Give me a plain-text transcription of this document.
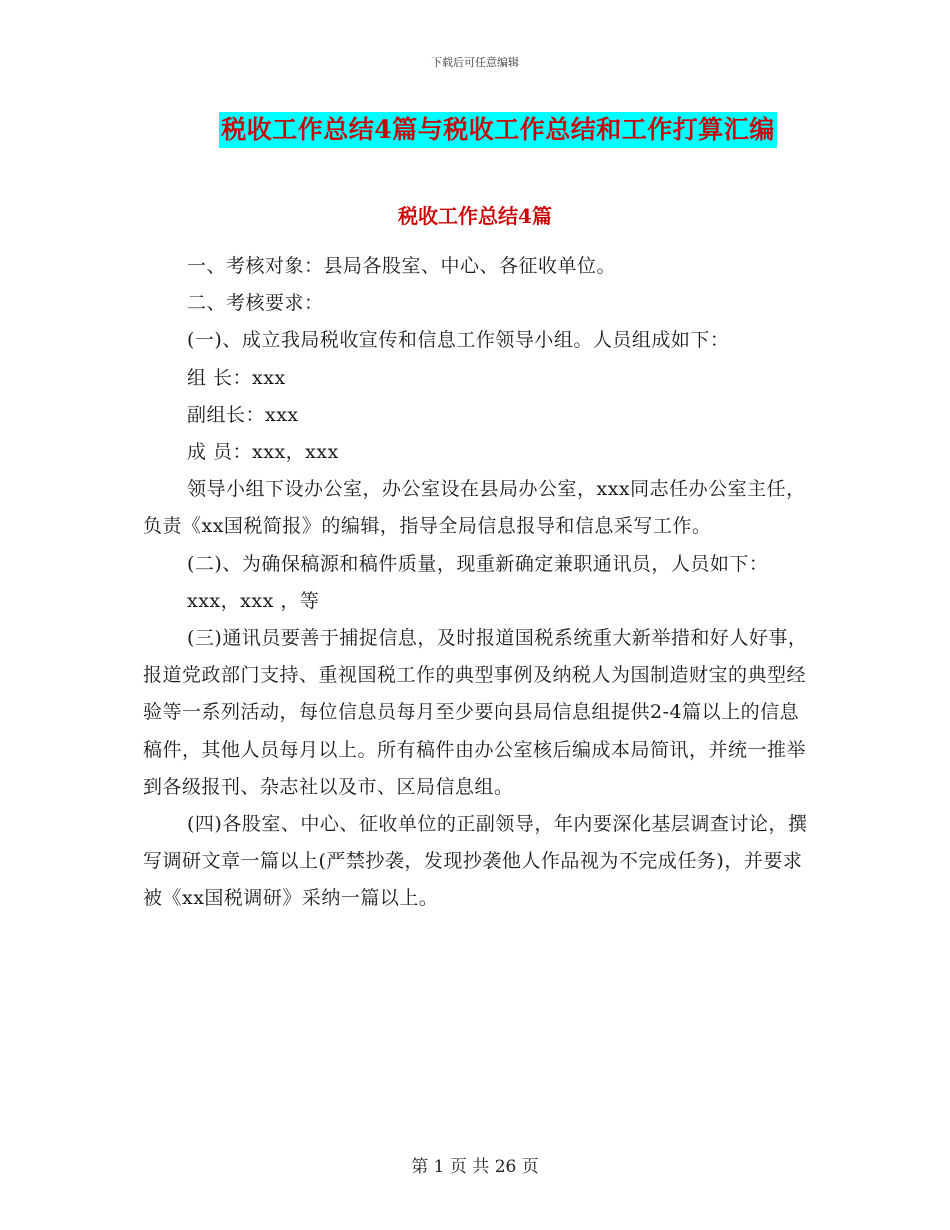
下载后可任意编辑
税收工作总结4篇与税收工作总结和工作打算汇编
税收工作总结4篇

一、考核对象：县局各股室、中心、各征收单位。

二、考核要求：

(一)、成立我局税收宣传和信息工作领导小组。人员组成如下：

组 长：xxx

副组长：xxx

成 员：xxx，xxx

领导小组下设办公室，办公室设在县局办公室，xxx同志任办公室主任，负责《xx国税简报》的编辑，指导全局信息报导和信息采写工作。

(二)、为确保稿源和稿件质量，现重新确定兼职通讯员，人员如下：

xxx，xxx ，等

(三)通讯员要善于捕捉信息，及时报道国税系统重大新举措和好人好事，报道党政部门支持、重视国税工作的典型事例及纳税人为国制造财宝的典型经验等一系列活动，每位信息员每月至少要向县局信息组提供2-4篇以上的信息稿件，其他人员每月以上。所有稿件由办公室核后编成本局简讯，并统一推举到各级报刊、杂志社以及市、区局信息组。

(四)各股室、中心、征收单位的正副领导，年内要深化基层调查讨论，撰写调研文章一篇以上(严禁抄袭，发现抄袭他人作品视为不完成任务)，并要求被《xx国税调研》采纳一篇以上。

第 1 页 共 26 页
